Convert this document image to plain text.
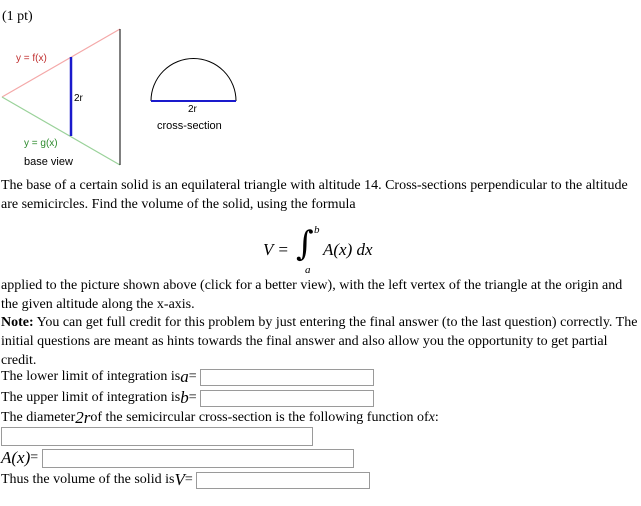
(1 pt)
y = f(x)
2r
y = g(x)
base view
2r
cross-section
The base of a certain solid is an equilateral triangle with altitude 14. Cross-sections perpendicular to the altitude are semicircles. Find the volume of the solid, using the formula
V = ∫ b
a
A(x) dx
applied to the picture shown above (click for a better view), with the left vertex of the triangle at the origin and the given altitude along the x-axis.
Note: You can get full credit for this problem by just entering the final answer (to the last question) correctly. The initial questions are meant as hints towards the final answer and also allow you the opportunity to get partial credit.
The lower limit of integration isa=
The upper limit of integration isb=
The diameter2rof the semicircular cross-section is the following function ofx:
A(x)=
Thus the volume of the solid isV=
